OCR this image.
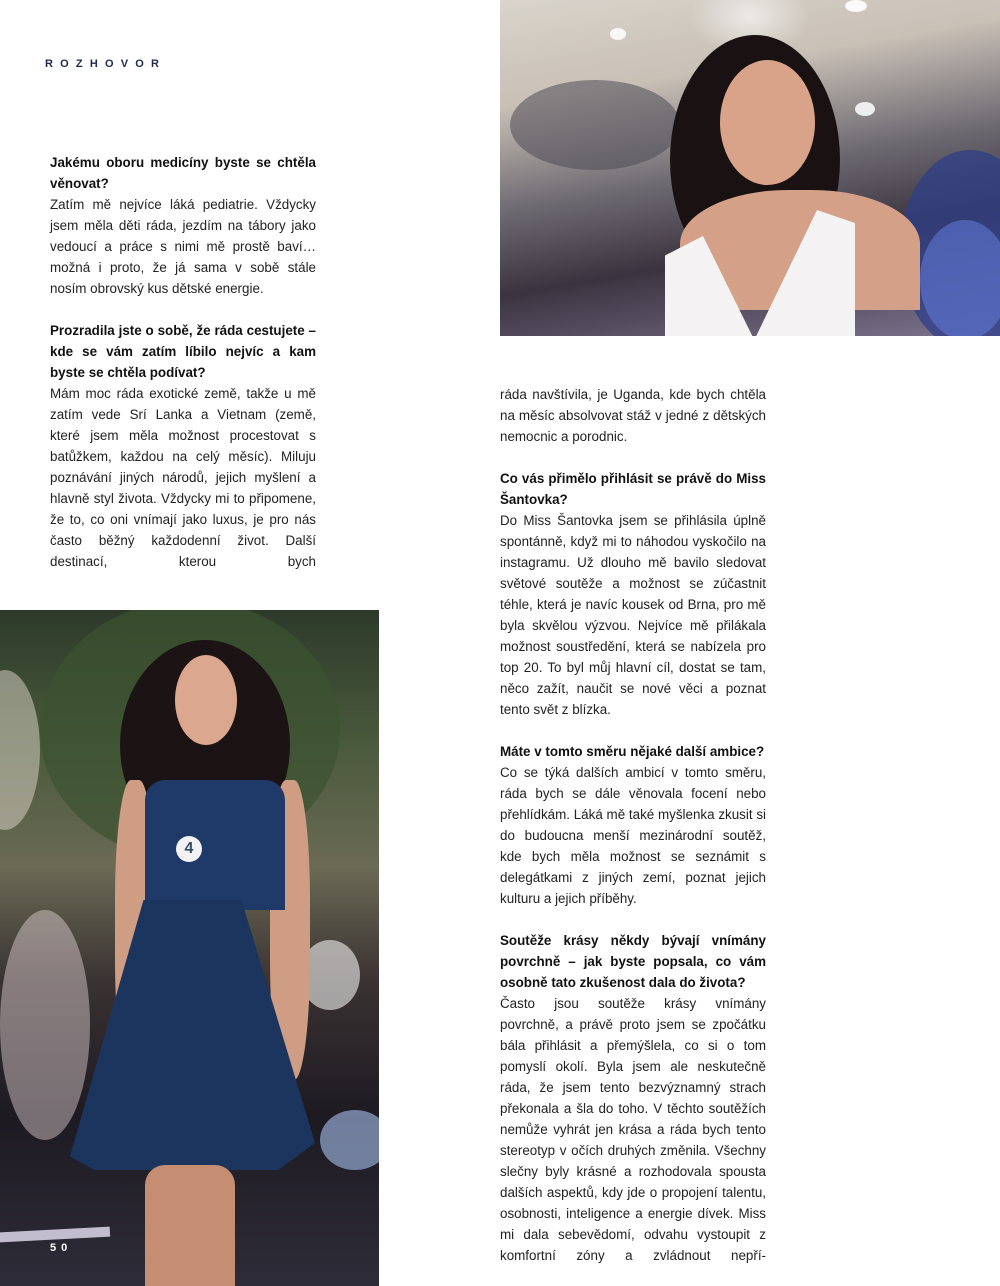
ROZHOVOR

Jakému oboru medicíny byste se chtěla věnovat?

Zatím mě nejvíce láká pediatrie. Vždycky jsem měla děti ráda, jezdím na tábory jako vedoucí a práce s nimi mě prostě baví… možná i proto, že já sama v sobě stále nosím obrovský kus dětské energie.

Prozradila jste o sobě, že ráda cestujete – kde se vám zatím líbilo nejvíc a kam byste se chtěla podívat?

Mám moc ráda exotické země, takže u mě zatím vede Srí Lanka a Vietnam (země, které jsem měla možnost procestovat s batůžkem, každou na celý měsíc). Miluju poznávání jiných národů, jejich myšlení a hlavně styl života. Vždycky mi to připomene, že to, co oni vnímají jako luxus, je pro nás často běžný každodenní život. Další destinací, kterou bych

ráda navštívila, je Uganda, kde bych chtěla na měsíc absolvovat stáž v jedné z dětských nemocnic a porodnic.

Co vás přimělo přihlásit se právě do Miss Šantovka?

Do Miss Šantovka jsem se přihlásila úplně spontánně, když mi to náhodou vyskočilo na instagramu. Už dlouho mě bavilo sledovat světové soutěže a možnost se zúčastnit téhle, která je navíc kousek od Brna, pro mě byla skvělou výzvou. Nejvíce mě přilákala možnost soustředění, která se nabízela pro top 20. To byl můj hlavní cíl, dostat se tam, něco zažít, naučit se nové věci a poznat tento svět z blízka.

Máte v tomto směru nějaké další ambice?

Co se týká dalších ambicí v tomto směru, ráda bych se dále věnovala focení nebo přehlídkám. Láká mě také myšlenka zkusit si do budoucna menší mezinárodní soutěž, kde bych měla možnost se seznámit s delegátkami z jiných zemí, poznat jejich kulturu a jejich příběhy.

Soutěže krásy někdy bývají vnímány povrchně – jak byste popsala, co vám osobně tato zkušenost dala do života?

Často jsou soutěže krásy vnímány povrchně, a právě proto jsem se zpočátku bála přihlásit a přemýšlela, co si o tom pomyslí okolí. Byla jsem ale neskutečně ráda, že jsem tento bezvýznamný strach překonala a šla do toho. V těchto soutěžích nemůže vyhrát jen krása a ráda bych tento stereotyp v očích druhých změnila. Všechny slečny byly krásné a rozhodovala spousta dalších aspektů, kdy jde o propojení talentu, osobnosti, inteligence a energie dívek. Miss mi dala sebevědomí, odvahu vystoupit z komfortní zóny a zvládnout nepří-

4
50
